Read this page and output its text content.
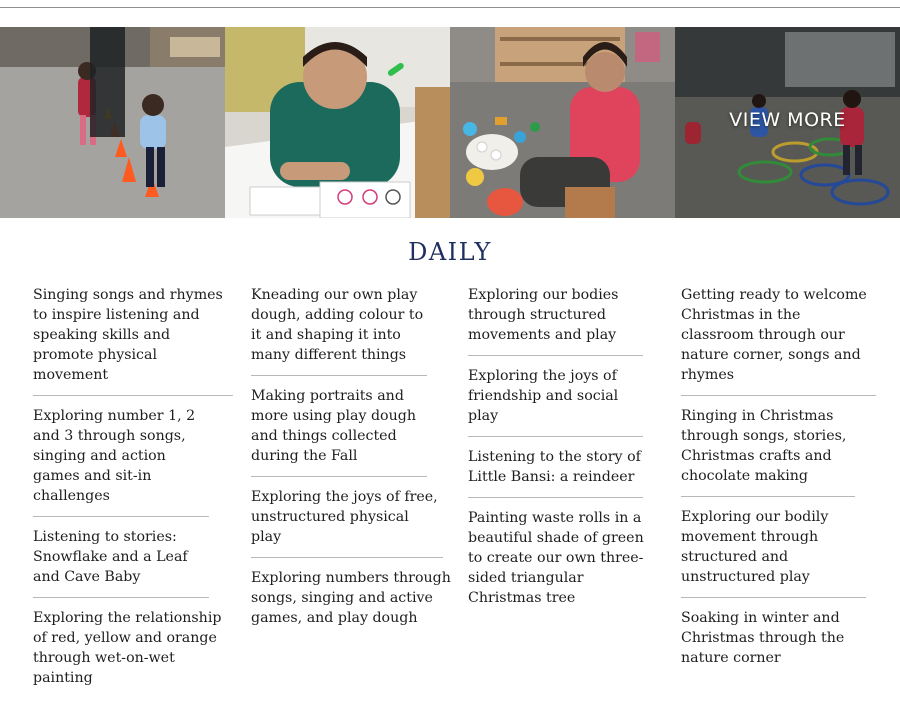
VIEW MORE
DAILY
Singing songs and rhymes to inspire listening and speaking skills and promote physical movement
Exploring number 1, 2 and 3 through songs, singing and action games and sit-in challenges
Listening to stories: Snowflake and a Leaf and Cave Baby
Exploring the relationship of red, yellow and orange through wet-on-wet painting
Kneading our own play dough, adding colour to it and shaping it into many different things
Making portraits and more using play dough and things collected during the Fall
Exploring the joys of free, unstructured physical play
Exploring numbers through songs, singing and active games, and play dough
Exploring our bodies through structured movements and play
Exploring the joys of friendship and social play
Listening to the story of Little Bansi: a reindeer
Painting waste rolls in a beautiful shade of green to create our own three-sided triangular Christmas tree
Getting ready to welcome Christmas in the classroom through our nature corner, songs and rhymes
Ringing in Christmas through songs, stories, Christmas crafts and chocolate making
Exploring our bodily movement through structured and unstructured play
Soaking in winter and Christmas through the nature corner
